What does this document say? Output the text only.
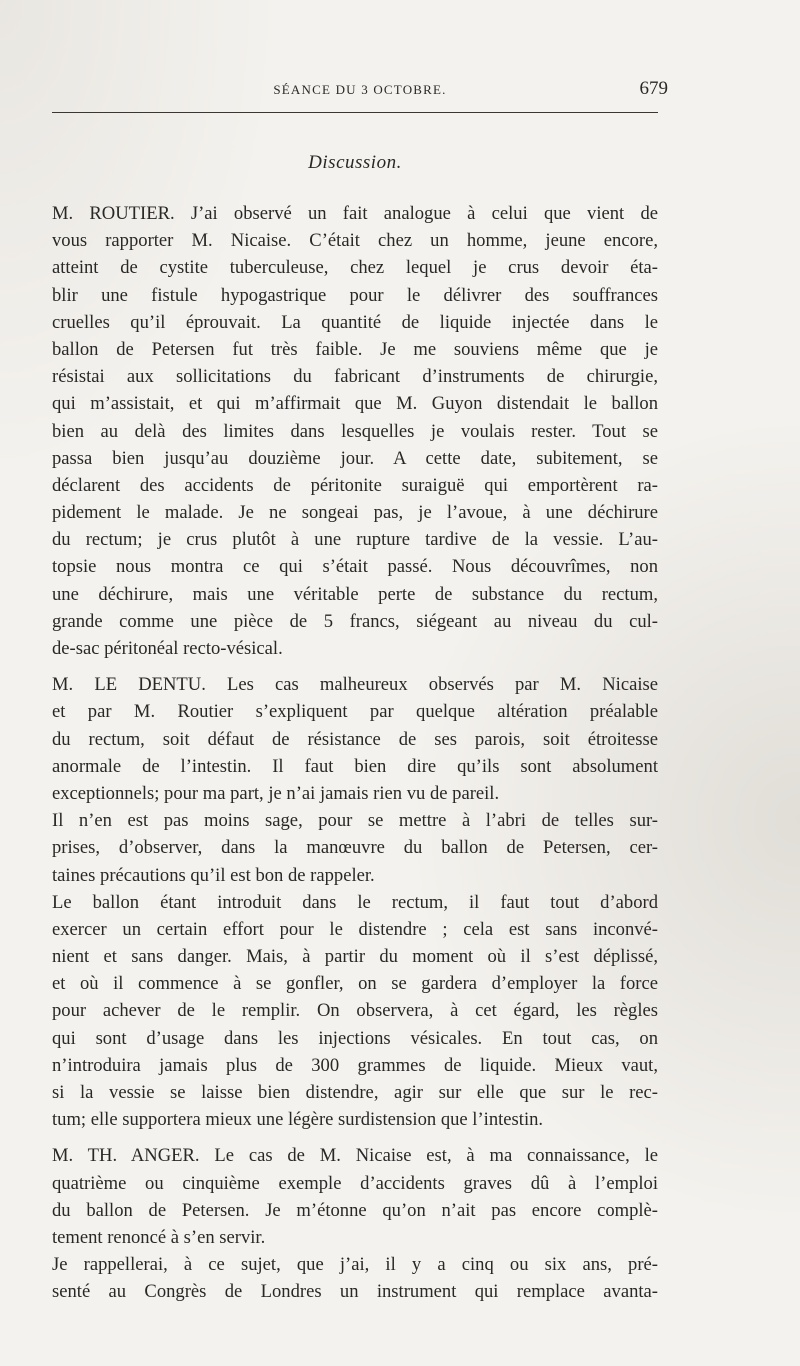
SÉANCE DU 3 OCTOBRE.	679
Discussion.
M. ROUTIER. J’ai observé un fait analogue à celui que vient de
vous rapporter M. Nicaise. C’était chez un homme, jeune encore,
atteint de cystite tuberculeuse, chez lequel je crus devoir éta-
blir une fistule hypogastrique pour le délivrer des souffrances
cruelles qu’il éprouvait. La quantité de liquide injectée dans le
ballon de Petersen fut très faible. Je me souviens même que je
résistai aux sollicitations du fabricant d’instruments de chirurgie,
qui m’assistait, et qui m’affirmait que M. Guyon distendait le ballon
bien au delà des limites dans lesquelles je voulais rester. Tout se
passa bien jusqu’au douzième jour. A cette date, subitement, se
déclarent des accidents de péritonite suraiguë qui emportèrent ra-
pidement le malade. Je ne songeai pas, je l’avoue, à une déchirure
du rectum; je crus plutôt à une rupture tardive de la vessie. L’au-
topsie nous montra ce qui s’était passé. Nous découvrîmes, non
une déchirure, mais une véritable perte de substance du rectum,
grande comme une pièce de 5 francs, siégeant au niveau du cul-
de-sac péritonéal recto-vésical.
M. LE DENTU. Les cas malheureux observés par M. Nicaise
et par M. Routier s’expliquent par quelque altération préalable
du rectum, soit défaut de résistance de ses parois, soit étroitesse
anormale de l’intestin. Il faut bien dire qu’ils sont absolument
exceptionnels; pour ma part, je n’ai jamais rien vu de pareil.
Il n’en est pas moins sage, pour se mettre à l’abri de telles sur-
prises, d’observer, dans la manœuvre du ballon de Petersen, cer-
taines précautions qu’il est bon de rappeler.
Le ballon étant introduit dans le rectum, il faut tout d’abord
exercer un certain effort pour le distendre ; cela est sans inconvé-
nient et sans danger. Mais, à partir du moment où il s’est déplissé,
et où il commence à se gonfler, on se gardera d’employer la force
pour achever de le remplir. On observera, à cet égard, les règles
qui sont d’usage dans les injections vésicales. En tout cas, on
n’introduira jamais plus de 300 grammes de liquide. Mieux vaut,
si la vessie se laisse bien distendre, agir sur elle que sur le rec-
tum; elle supportera mieux une légère surdistension que l’intestin.
M. TH. ANGER. Le cas de M. Nicaise est, à ma connaissance, le
quatrième ou cinquième exemple d’accidents graves dû à l’emploi
du ballon de Petersen. Je m’étonne qu’on n’ait pas encore complè-
tement renoncé à s’en servir.
Je rappellerai, à ce sujet, que j’ai, il y a cinq ou six ans, pré-
senté au Congrès de Londres un instrument qui remplace avanta-
